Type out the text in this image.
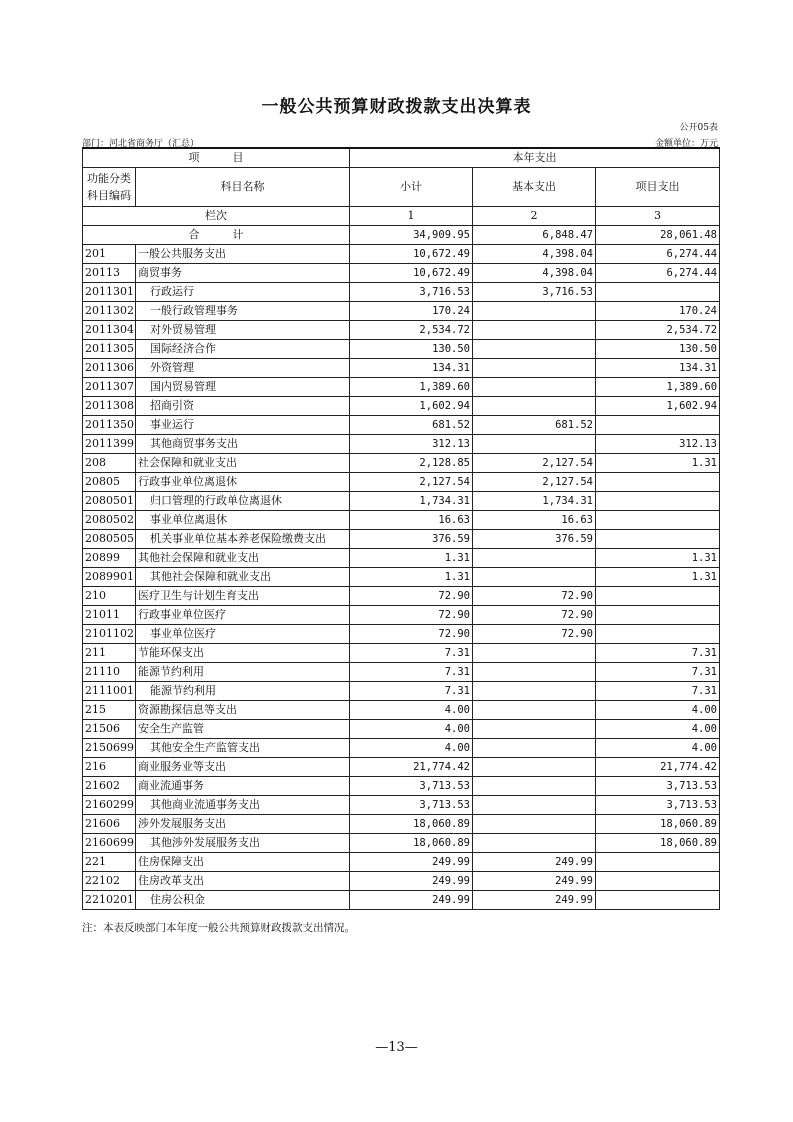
一般公共预算财政拨款支出决算表
公开05表
部门：河北省商务厅（汇总）	金额单位：万元
项　　　目		本年支出		
功能分类科目编码	科目名称	小计	基本支出	项目支出
栏次		1	2	3
合　　　计		34,909.95	6,848.47	28,061.48
201	一般公共服务支出	10,672.49	4,398.04	6,274.44
20113	商贸事务	10,672.49	4,398.04	6,274.44
2011301	行政运行	3,716.53	3,716.53	
2011302	一般行政管理事务	170.24		170.24
2011304	对外贸易管理	2,534.72		2,534.72
2011305	国际经济合作	130.50		130.50
2011306	外资管理	134.31		134.31
2011307	国内贸易管理	1,389.60		1,389.60
2011308	招商引资	1,602.94		1,602.94
2011350	事业运行	681.52	681.52	
2011399	其他商贸事务支出	312.13		312.13
208	社会保障和就业支出	2,128.85	2,127.54	1.31
20805	行政事业单位离退休	2,127.54	2,127.54	
2080501	归口管理的行政单位离退休	1,734.31	1,734.31	
2080502	事业单位离退休	16.63	16.63	
2080505	机关事业单位基本养老保险缴费支出	376.59	376.59	
20899	其他社会保障和就业支出	1.31		1.31
2089901	其他社会保障和就业支出	1.31		1.31
210	医疗卫生与计划生育支出	72.90	72.90	
21011	行政事业单位医疗	72.90	72.90	
2101102	事业单位医疗	72.90	72.90	
211	节能环保支出	7.31		7.31
21110	能源节约利用	7.31		7.31
2111001	能源节约利用	7.31		7.31
215	资源勘探信息等支出	4.00		4.00
21506	安全生产监管	4.00		4.00
2150699	其他安全生产监管支出	4.00		4.00
216	商业服务业等支出	21,774.42		21,774.42
21602	商业流通事务	3,713.53		3,713.53
2160299	其他商业流通事务支出	3,713.53		3,713.53
21606	涉外发展服务支出	18,060.89		18,060.89
2160699	其他涉外发展服务支出	18,060.89		18,060.89
221	住房保障支出	249.99	249.99	
22102	住房改革支出	249.99	249.99	
2210201	住房公积金	249.99	249.99	
注：本表反映部门本年度一般公共预算财政拨款支出情况。
—13—
